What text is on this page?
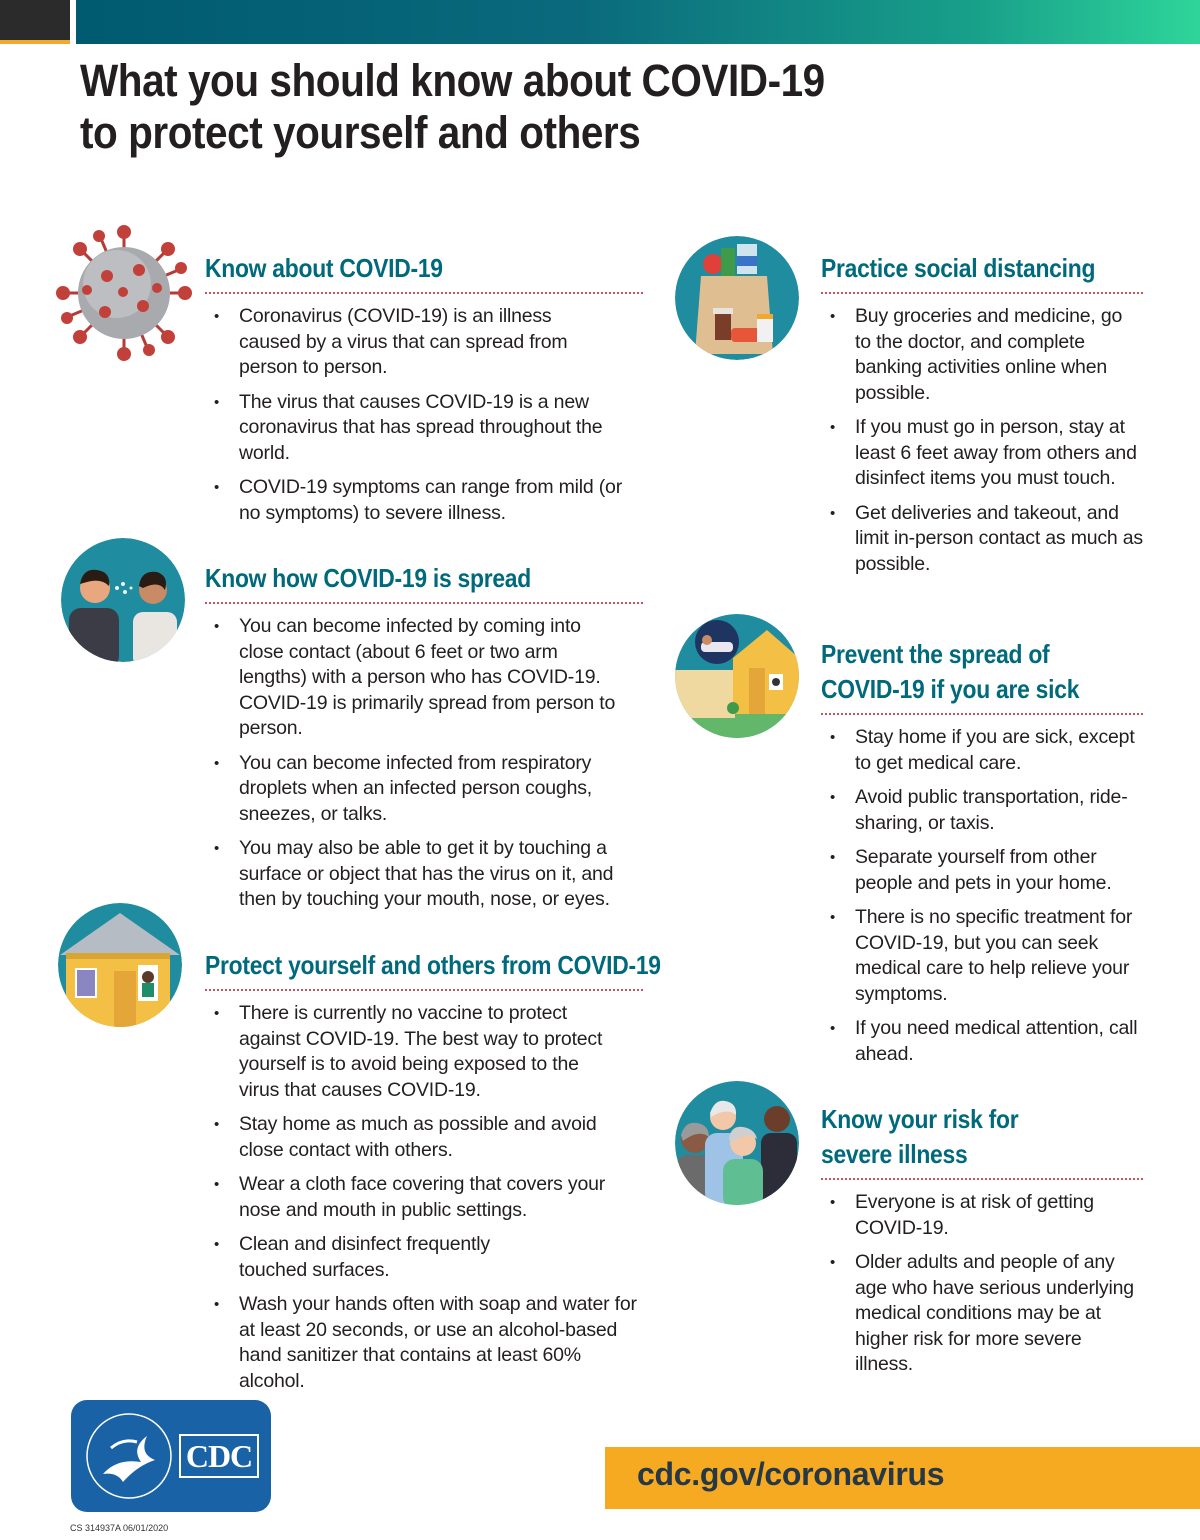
What you should know about COVID-19
to protect yourself and others
Know about COVID-19
• Coronavirus (COVID-19) is an illness caused by a virus that can spread from person to person.
• The virus that causes COVID-19 is a new coronavirus that has spread throughout the world.
• COVID-19 symptoms can range from mild (or no symptoms) to severe illness.
Know how COVID-19 is spread
• You can become infected by coming into close contact (about 6 feet or two arm lengths) with a person who has COVID-19. COVID-19 is primarily spread from person to person.
• You can become infected from respiratory droplets when an infected person coughs, sneezes, or talks.
• You may also be able to get it by touching a surface or object that has the virus on it, and then by touching your mouth, nose, or eyes.
Protect yourself and others from COVID-19
• There is currently no vaccine to protect against COVID-19. The best way to protect yourself is to avoid being exposed to the virus that causes COVID-19.
• Stay home as much as possible and avoid close contact with others.
• Wear a cloth face covering that covers your nose and mouth in public settings.
• Clean and disinfect frequently touched surfaces.
• Wash your hands often with soap and water for at least 20 seconds, or use an alcohol-based hand sanitizer that contains at least 60% alcohol.
Practice social distancing
• Buy groceries and medicine, go to the doctor, and complete banking activities online when possible.
• If you must go in person, stay at least 6 feet away from others and disinfect items you must touch.
• Get deliveries and takeout, and limit in-person contact as much as possible.
Prevent the spread of
COVID-19 if you are sick
• Stay home if you are sick, except to get medical care.
• Avoid public transportation, ride-sharing, or taxis.
• Separate yourself from other people and pets in your home.
• There is no specific treatment for COVID-19, but you can seek medical care to help relieve your symptoms.
• If you need medical attention, call ahead.
Know your risk for
severe illness
• Everyone is at risk of getting COVID-19.
• Older adults and people of any age who have serious underlying medical conditions may be at higher risk for more severe illness.
CDC	cdc.gov/coronavirus
CS 314937A 06/01/2020
